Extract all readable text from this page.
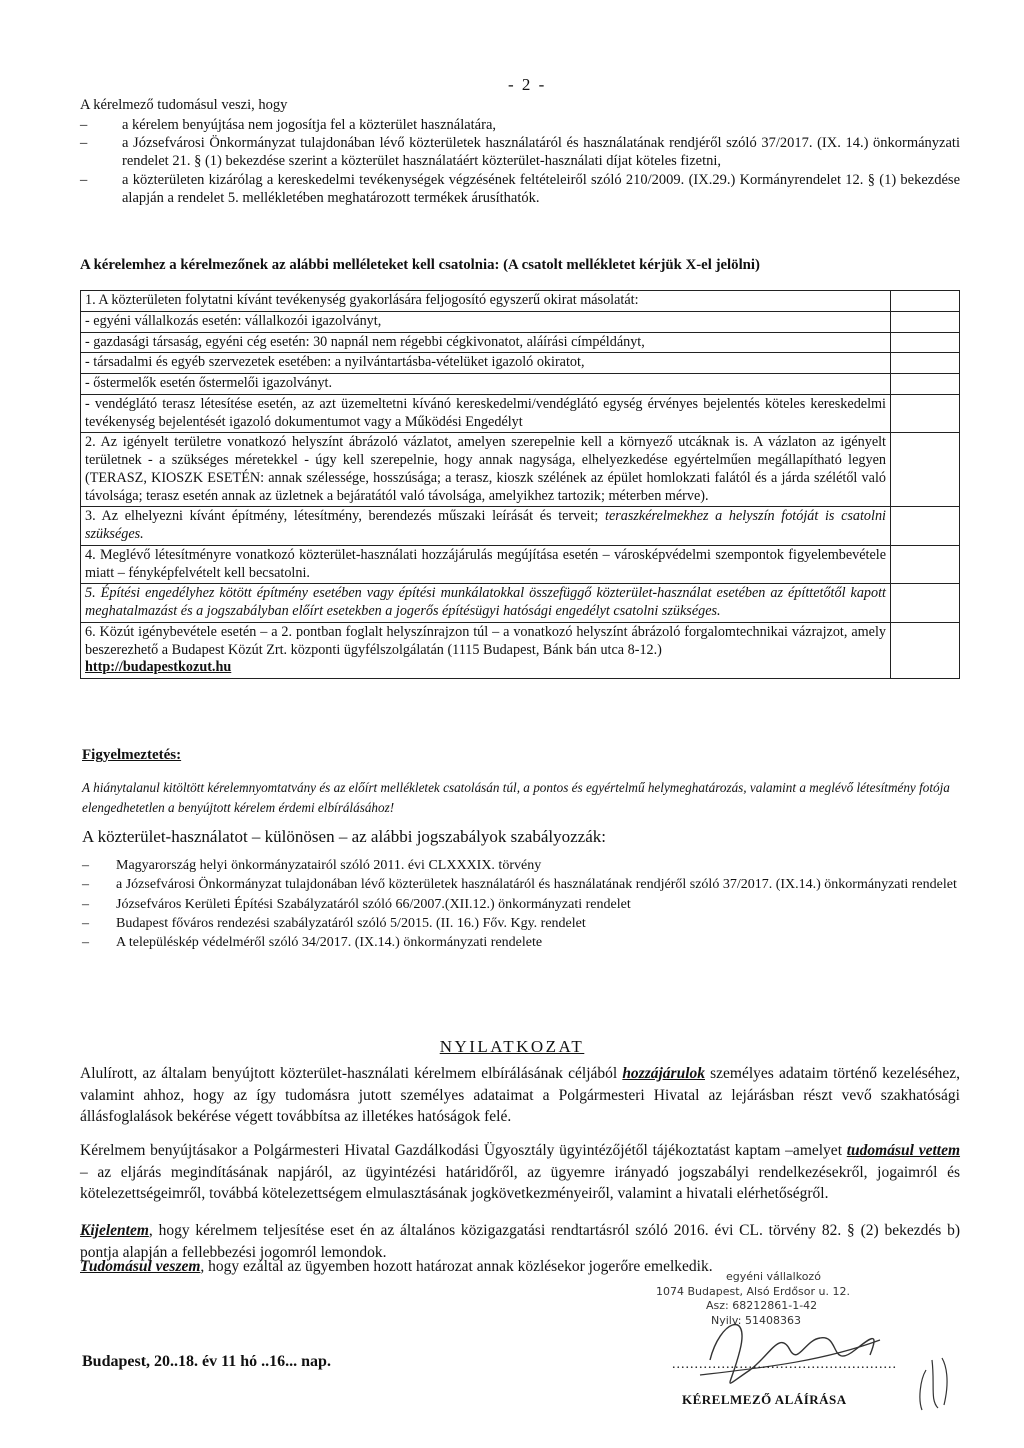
- 2 -
A kérelmező tudomásul veszi, hogy
– a kérelem benyújtása nem jogosítja fel a közterület használatára,
– a Józsefvárosi Önkormányzat tulajdonában lévő közterületek használatáról és használatának rendjéről szóló 37/2017. (IX. 14.) önkormányzati rendelet 21. § (1) bekezdése szerint a közterület használatáért közterület-használati díjat köteles fizetni,
– a közterületen kizárólag a kereskedelmi tevékenységek végzésének feltételeiről szóló 210/2009. (IX.29.) Kormányrendelet 12. § (1) bekezdése alapján a rendelet 5. mellékletében meghatározott termékek árusíthatók.
A kérelemhez a kérelmezőnek az alábbi melléleteket kell csatolnia: (A csatolt mellékletet kérjük X-el jelölni)
1. A közterületen folytatni kívánt tevékenység gyakorlására feljogosító egyszerű okirat másolatát:	
- egyéni vállalkozás esetén: vállalkozói igazolványt,	
- gazdasági társaság, egyéni cég esetén: 30 napnál nem régebbi cégkivonatot, aláírási címpéldányt,	
- társadalmi és egyéb szervezetek esetében: a nyilvántartásba-vételüket igazoló okiratot,	
- őstermelők esetén őstermelői igazolványt.	
- vendéglátó terasz létesítése esetén, az azt üzemeltetni kívánó kereskedelmi/vendéglátó egység érvényes bejelentés köteles kereskedelmi tevékenység bejelentését igazoló dokumentumot vagy a Működési Engedélyt	
2. Az igényelt területre vonatkozó helyszínt ábrázoló vázlatot, amelyen szerepelnie kell a környező utcáknak is. A vázlaton az igényelt területnek - a szükséges méretekkel - úgy kell szerepelnie, hogy annak nagysága, elhelyezkedése egyértelműen megállapítható legyen (TERASZ, KIOSZK ESETÉN: annak szélessége, hosszúsága; a terasz, kioszk szélének az épület homlokzati falától és a járda szélétől való távolsága; terasz esetén annak az üzletnek a bejáratától való távolsága, amelyikhez tartozik; méterben mérve).	
3. Az elhelyezni kívánt építmény, létesítmény, berendezés műszaki leírását és terveit; teraszkérelmekhez a helyszín fotóját is csatolni szükséges.	
4. Meglévő létesítményre vonatkozó közterület-használati hozzájárulás megújítása esetén – városképvédelmi szempontok figyelembevétele miatt – fényképfelvételt kell becsatolni.	
5. Építési engedélyhez kötött építmény esetében vagy építési munkálatokkal összefüggő közterület-használat esetében az építtetőtől kapott meghatalmazást és a jogszabályban előírt esetekben a jogerős építésügyi hatósági engedélyt csatolni szükséges.	
6. Közút igénybevétele esetén – a 2. pontban foglalt helyszínrajzon túl – a vonatkozó helyszínt ábrázoló forgalomtechnikai vázrajzot, amely beszerezhető a Budapest Közút Zrt. központi ügyfélszolgálatán (1115 Budapest, Bánk bán utca 8-12.)
http://budapestkozut.hu	
Figyelmeztetés:
A hiánytalanul kitöltött kérelemnyomtatvány és az előírt mellékletek csatolásán túl, a pontos és egyértelmű helymeghatározás, valamint a meglévő létesítmény fotója elengedhetetlen a benyújtott kérelem érdemi elbírálásához!
A közterület-használatot – különösen – az alábbi jogszabályok szabályozzák:
– Magyarország helyi önkormányzatairól szóló 2011. évi CLXXXIX. törvény
– a Józsefvárosi Önkormányzat tulajdonában lévő közterületek használatáról és használatának rendjéről szóló 37/2017. (IX.14.) önkormányzati rendelet
– Józsefváros Kerületi Építési Szabályzatáról szóló 66/2007.(XII.12.) önkormányzati rendelet
– Budapest főváros rendezési szabályzatáról szóló 5/2015. (II. 16.) Főv. Kgy. rendelet
– A településkép védelméről szóló 34/2017. (IX.14.) önkormányzati rendelete
NYILATKOZAT
Alulírott, az általam benyújtott közterület-használati kérelmem elbírálásának céljából hozzájárulok személyes adataim történő kezeléséhez, valamint ahhoz, hogy az így tudomásra jutott személyes adataimat a Polgármesteri Hivatal az lejárásban részt vevő szakhatósági állásfoglalások bekérése végett továbbítsa az illetékes hatóságok felé.
Kérelmem benyújtásakor a Polgármesteri Hivatal Gazdálkodási Ügyosztály ügyintézőjétől tájékoztatást kaptam –amelyet tudomásul vettem – az eljárás megindításának napjáról, az ügyintézési határidőről, az ügyemre irányadó jogszabályi rendelkezésekről, jogaimról és kötelezettségeimről, továbbá kötelezettségem elmulasztásának jogkövetkezményeiről, valamint a hivatali elérhetőségről.
Kijelentem, hogy kérelmem teljesítése eset én az általános közigazgatási rendtartásról szóló 2016. évi CL. törvény 82. § (2) bekezdés b) pontja alapján a fellebbezési jogomról lemondok.
Tudomásul veszem, hogy ezáltal az ügyemben hozott határozat annak közlésekor jogerőre emelkedik.
egyéni vállalkozó
1074 Budapest, Alsó Erdősor u. 12.
Asz: 68212861-1-42
Nyilv: 51408363
Budapest, 20..18. év 11 hó ..16... nap.	..................................................
KÉRELMEZŐ ALÁÍRÁSA
